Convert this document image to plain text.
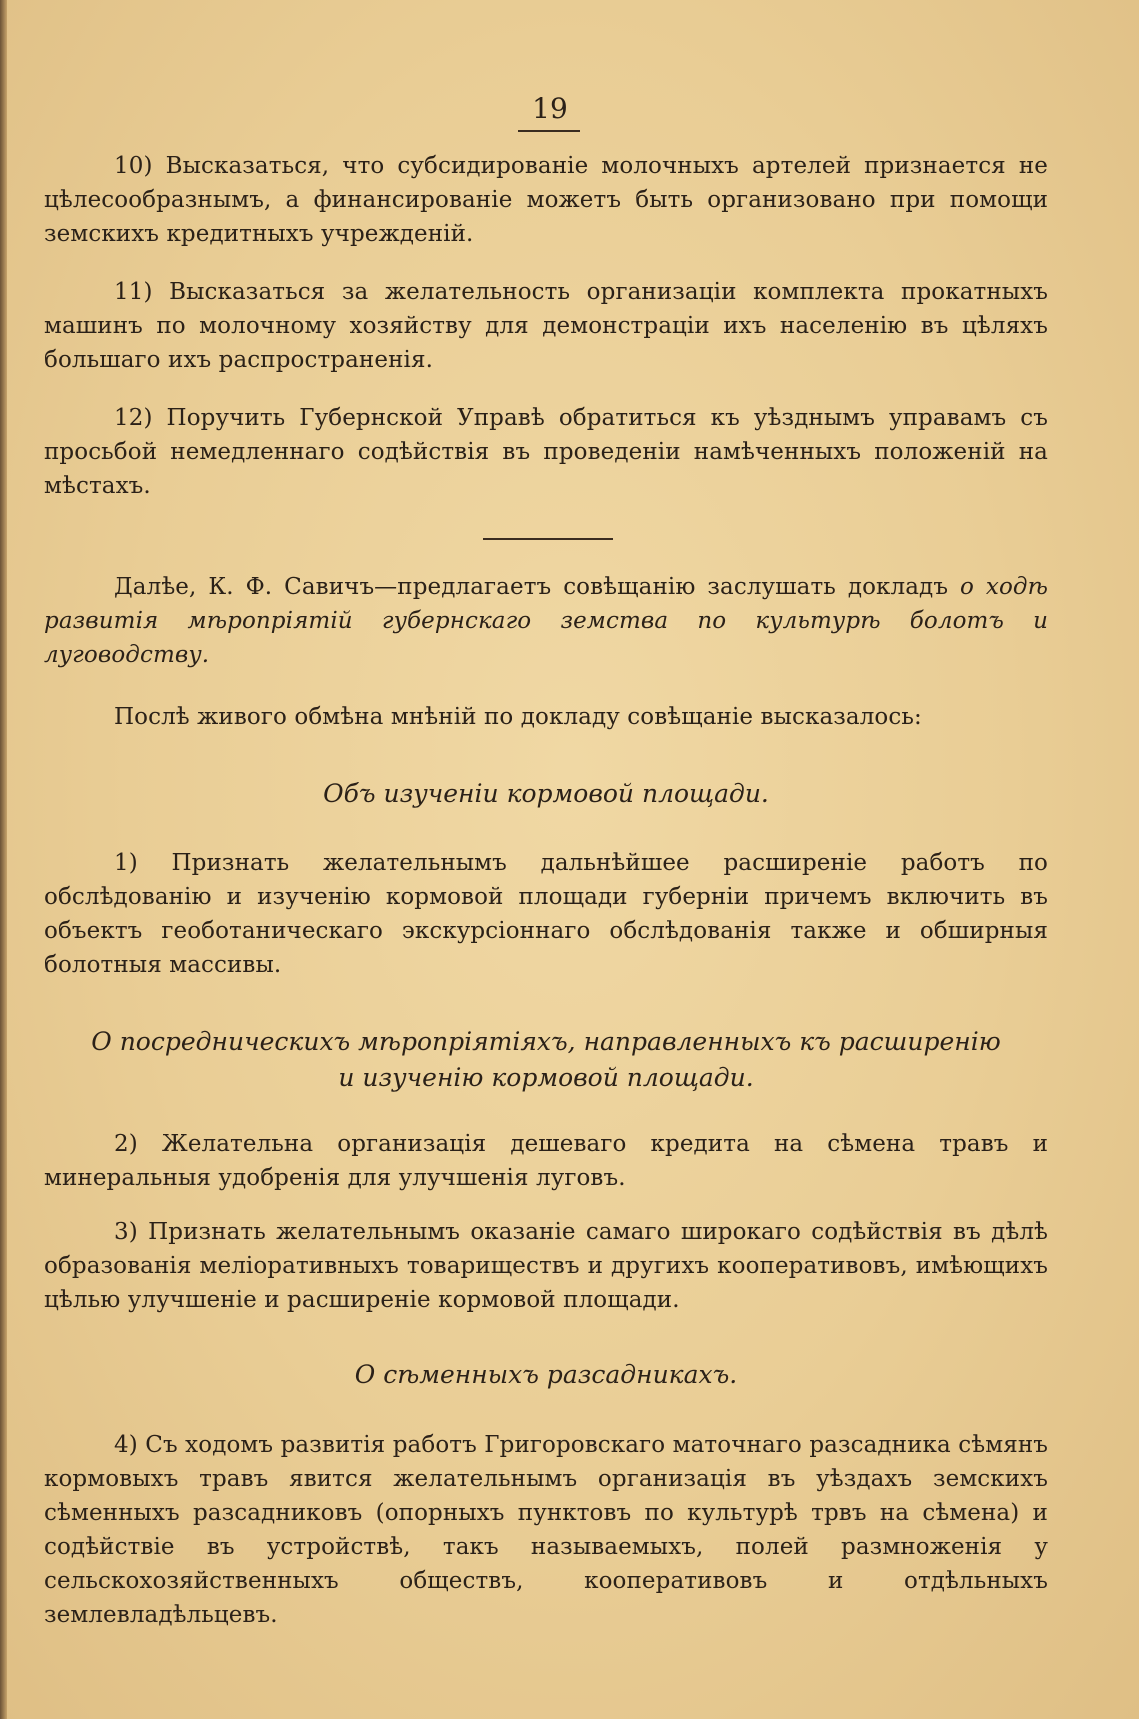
19

10) Высказаться, что субсидированіе молочныхъ артелей признается не цѣлесообразнымъ, а финансированіе можетъ быть организовано при помощи земскихъ кредитныхъ учрежденій.

11) Высказаться за желательность организаціи комплекта прокатныхъ машинъ по молочному хозяйству для демонстраціи ихъ населенію въ цѣляхъ большаго ихъ распространенія.

12) Поручить Губернской Управѣ обратиться къ уѣзднымъ управамъ съ просьбой немедленнаго содѣйствія въ проведеніи намѣченныхъ положеній на мѣстахъ.

Далѣе, К. Ф. Савичъ—предлагаетъ совѣщанію заслушать докладъ о ходѣ развитія мѣропріятій губернскаго земства по культурѣ болотъ и луговодству.

Послѣ живого обмѣна мнѣній по докладу совѣщаніе высказалось:

Объ изученіи кормовой площади.

1) Признать желательнымъ дальнѣйшее расширеніе работъ по обслѣдованію и изученію кормовой площади губерніи причемъ включить въ объектъ геоботаническаго экскурсіоннаго обслѣдованія также и обширныя болотныя массивы.

О посредническихъ мѣропріятіяхъ, направленныхъ къ расширенію
и изученію кормовой площади.

2) Желательна организація дешеваго кредита на сѣмена травъ и минеральныя удобренія для улучшенія луговъ.

3) Признать желательнымъ оказаніе самаго широкаго содѣйствія въ дѣлѣ образованія меліоративныхъ товариществъ и другихъ кооперативовъ, имѣющихъ цѣлью улучшеніе и расширеніе кормовой площади.

О сѣменныхъ разсадникахъ.

4) Съ ходомъ развитія работъ Григоровскаго маточнаго разсадника сѣмянъ кормовыхъ травъ явится желательнымъ организація въ уѣздахъ земскихъ сѣменныхъ разсадниковъ (опорныхъ пунктовъ по культурѣ трвъ на сѣмена) и содѣйствіе въ устройствѣ, такъ называемыхъ, полей размноженія у сельскохозяйственныхъ обществъ, кооперативовъ и отдѣльныхъ землевладѣльцевъ.
